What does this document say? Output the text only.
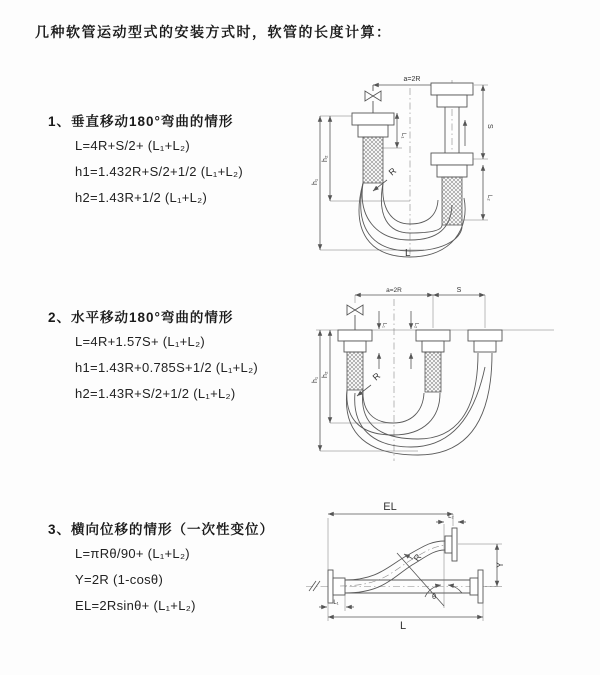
几种软管运动型式的安装方式时，软管的长度计算：
1、垂直移动180°弯曲的情形
L=4R+S/2+ (L₁+L₂)
h1=1.432R+S/2+1/2 (L₁+L₂)
h2=1.43R+1/2 (L₁+L₂)
2、水平移动180°弯曲的情形
L=4R+1.57S+ (L₁+L₂)
h1=1.43R+0.785S+1/2 (L₁+L₂)
h2=1.43R+S/2+1/2 (L₁+L₂)
3、横向位移的情形（一次性变位）
L=πRθ/90+ (L₁+L₂)
Y=2R (1-cosθ)
EL=2Rsinθ+ (L₁+L₂)
a=2R
L₁
S
L₂
h₁
h₂
R
L
a=2R	S
L₁	L₂
h₁
h₂	R
L₂
EL
Y
θ
R
L₁
L
